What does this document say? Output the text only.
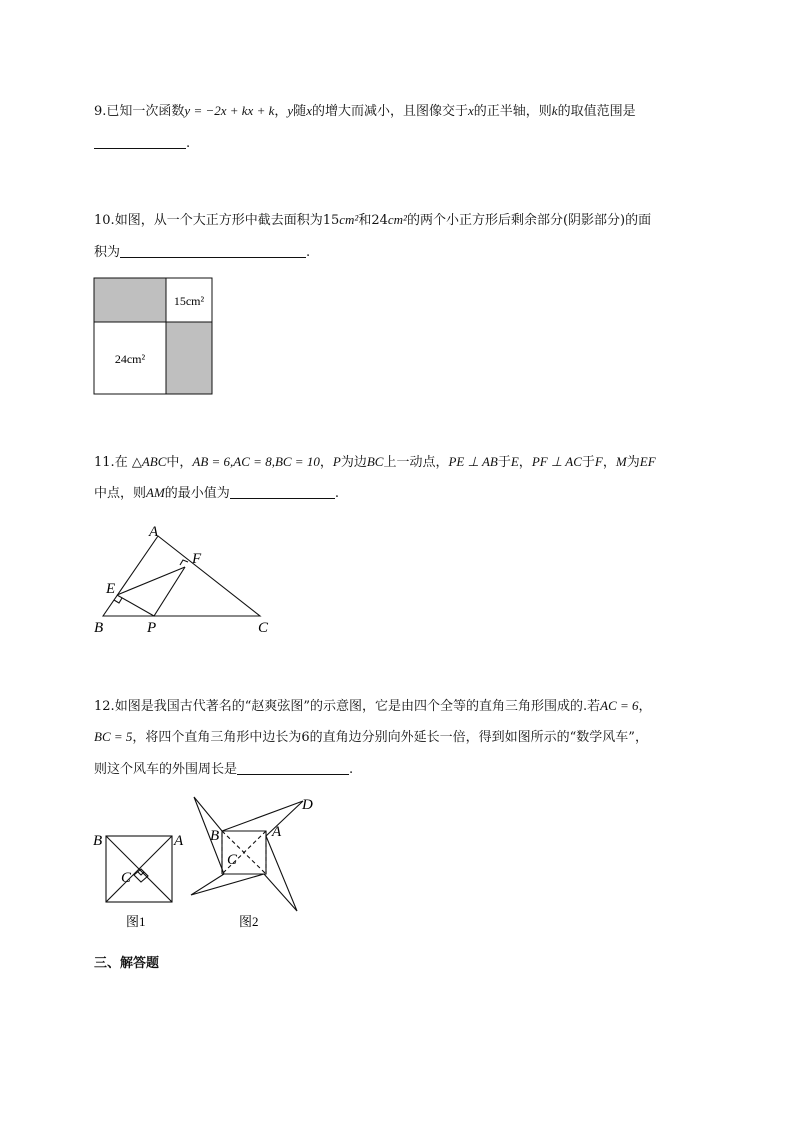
9.已知一次函数y = −2x + kx + k，y随x的增大而减小，且图像交于x的正半轴，则k的取值范围是
.
10.如图，从一个大正方形中截去面积为15cm²和24cm²的两个小正方形后剩余部分(阴影部分)的面
积为	.
15cm²
24cm²
11.在 △ABC中，AB = 6,AC = 8,BC = 10，P为边BC上一动点，PE ⊥ AB于E，PF ⊥ AC于F，M为EF
中点，则AM的最小值为	.
A
F
E
B	P	C
12.如图是我国古代著名的“赵爽弦图”的示意图，它是由四个全等的直角三角形围成的.若AC = 6，
BC = 5，将四个直角三角形中边长为6的直角边分别向外延长一倍，得到如图所示的“数学风车”，
则这个风车的外围周长是	.
B	A
C
图1
B	A
D
C
图2
三、解答题
